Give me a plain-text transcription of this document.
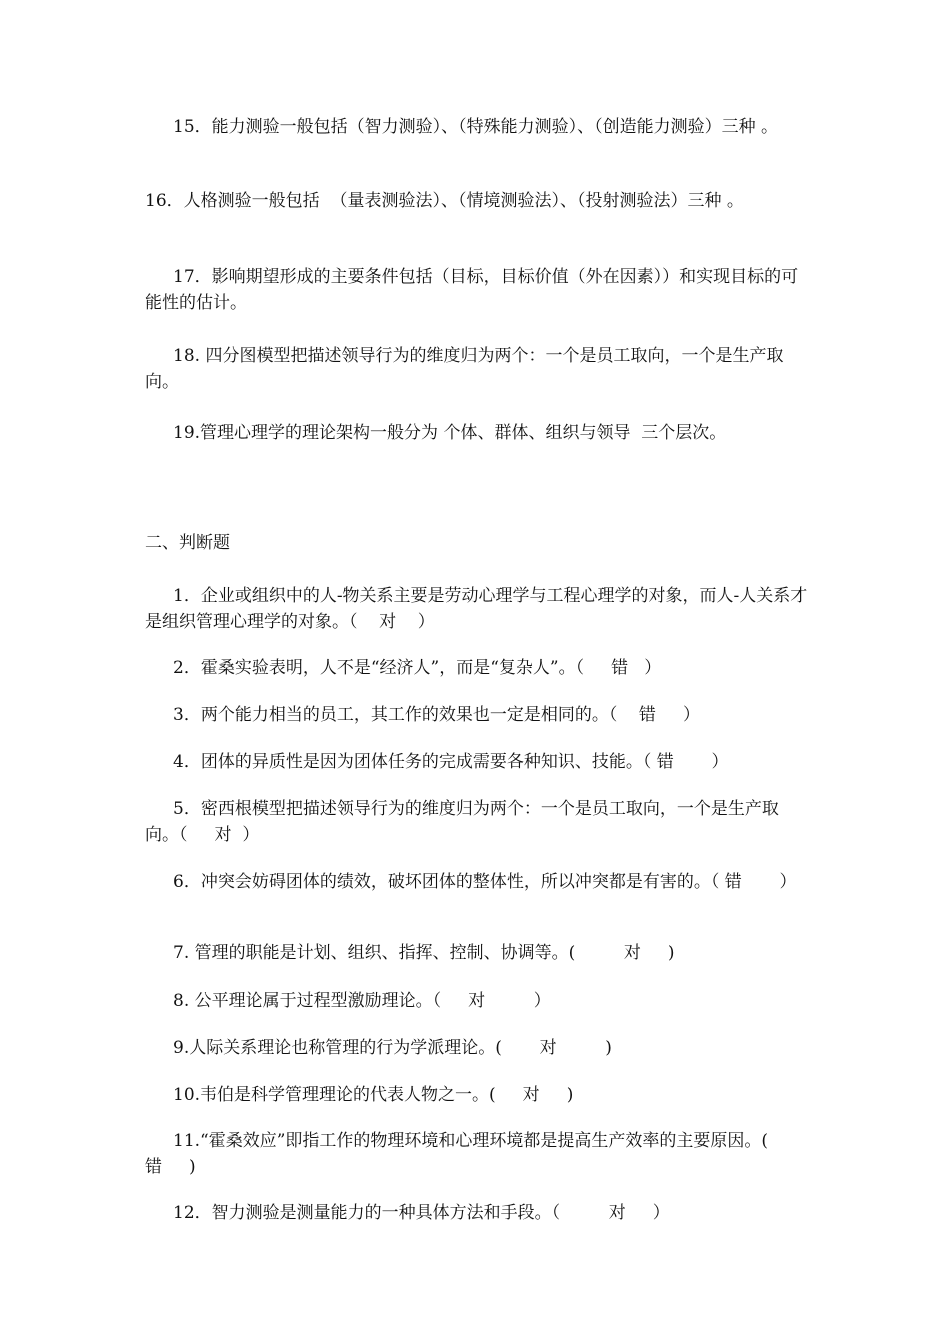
15．能力测验一般包括（智力测验）、（特殊能力测验）、（创造能力测验）三种 。

16．人格测验一般包括  （量表测验法）、（情境测验法）、（投射测验法）三种 。

17．影响期望形成的主要条件包括（目标，目标价值（外在因素））和实现目标的可能性的估计。

18. 四分图模型把描述领导行为的维度归为两个：一个是员工取向，一个是生产取向。

19.管理心理学的理论架构一般分为 个体、群体、组织与领导  三个层次。

二、判断题

1．企业或组织中的人-物关系主要是劳动心理学与工程心理学的对象，而人-人关系才是组织管理心理学的对象。（    对    ）

2．霍桑实验表明，人不是“经济人”，而是“复杂人”。（     错   ）

3．两个能力相当的员工，其工作的效果也一定是相同的。（    错     ）

4．团体的异质性是因为团体任务的完成需要各种知识、技能。（ 错       ）

5．密西根模型把描述领导行为的维度归为两个：一个是员工取向，一个是生产取向。（     对  ）

6．冲突会妨碍团体的绩效，破坏团体的整体性，所以冲突都是有害的。（ 错       ）

7. 管理的职能是计划、组织、指挥、控制、协调等。(         对     )

8. 公平理论属于过程型激励理论。（     对         ）

9.人际关系理论也称管理的行为学派理论。(       对         )

10.韦伯是科学管理理论的代表人物之一。(     对     )

11.“霍桑效应”即指工作的物理环境和心理环境都是提高生产效率的主要原因。(          错     )

12．智力测验是测量能力的一种具体方法和手段。（         对     ）
